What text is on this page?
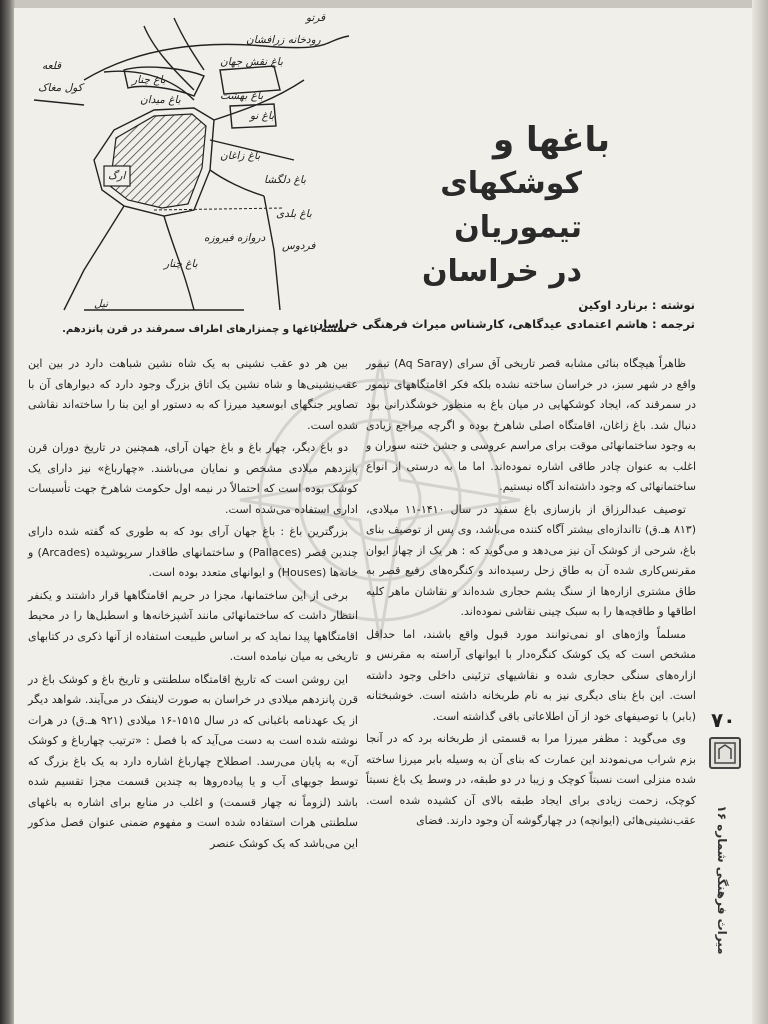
رودخانه زرافشان
قرتو
باغ نقش جهان
باغ چنار
باغ میدان
باغ نو
کول مغاک
باغ بهشت
قلعه
باغ دلگشا
ارگ
باغ زاغان
باغ بلدی
دروازه فیروزه
باغ چنار
فردوس
نیل
نقشه باغها و چمنزارهای اطراف سمرقند در قرن پانزدهم.
باغها و
کوشکهای تیموریان
در خراسان
نوشته : برنارد اوکین
ترجمه : هاشم اعتمادی عیدگاهی، کارشناس میراث فرهنگی خراسان

ظاهراً هیچگاه بنائی مشابه قصر تاریخی آق سرای (Aq Saray) تیمور واقع در شهر سبز، در خراسان ساخته نشده بلکه فکر اقامتگاههای تیمور در سمرقند که، ایجاد کوشکهایی در میان باغ به منظور خوشگذرانی بود دنبال شد. باغ زاغان، اقامتگاه اصلی شاهرخ بوده و اگرچه مراجع زیادی به وجود ساختمانهائی موقت برای مراسم عروسی و جشن ختنه سوران و اغلب به عنوان چادر طاقی اشاره نموده‌اند. اما ما به درستی از انواع ساختمانهائی که وجود داشته‌اند آگاه نیستیم.

توصیف عبدالرزاق از بازسازی باغ سفید در سال ۱۴۱۰-۱۱ میلادی، (۸۱۳ هـ.ق) تااندازه‌ای بیشتر آگاه کننده می‌باشد، وی پس از توصیف بنای باغ، شرحی از کوشک آن نیز می‌دهد و می‌گوید که : هر یک از چهار ایوان مقرنس‌کاری شده آن به طاق زحل رسیده‌اند و کنگره‌های رفیع قصر به طاق مشتری ازاره‌ها از سنگ یشم حجاری شده‌اند و نقاشان ماهر کلیه اطاقها و طاقچه‌ها را به سبک چینی نقاشی نموده‌اند.

مسلماً واژه‌های او نمی‌توانند مورد قبول واقع باشند، اما حداقل مشخص است که یک کوشک کنگره‌دار با ایوانهای آراسته به مقرنس و ازاره‌های سنگی حجاری شده و نقاشیهای تزئینی داخلی وجود داشته است. این باغ بنای دیگری نیز به نام طربخانه داشته است. خوشبختانه (بابر) با توصیفهای خود از آن اطلاعاتی باقی گذاشته است.

وی می‌گوید : مظفر میرزا مرا به قسمتی از طربخانه برد که در آنجا بزم شراب می‌نمودند این عمارت که بنای آن به وسیله بابر میرزا ساخته شده منزلی است نسبتاً کوچک و زیبا در دو طبقه، در وسط یک باغ نسبتاً کوچک، زحمت زیادی برای ایجاد طبقه بالای آن کشیده شده است. عقب‌نشینی‌هائی (ایوانچه) در چهارگوشه آن وجود دارند. فضای

بین هر دو عقب نشینی به یک شاه نشین شباهت دارد در بین این عقب‌نشینی‌ها و شاه نشین یک اتاق بزرگ وجود دارد که دیوارهای آن با تصاویر جنگهای ابوسعید میرزا که به دستور او این بنا را ساخته‌اند نقاشی شده است.

دو باغ دیگر، چهار باغ و باغ جهان آرای، همچنین در تاریخ دوران قرن پانزدهم میلادی مشخص و نمایان می‌باشند. «چهارباغ» نیز دارای یک کوشک بوده است که احتمالاً در نیمه اول حکومت شاهرخ جهت تأسیسات اداری استفاده می‌شده است.

بزرگترین باغ : باغ جهان آرای بود که به طوری که گفته شده دارای چندین قصر (Pallaces) و ساختمانهای طاقدار سرپوشیده (Arcades) و خانه‌ها (Houses) و ایوانهای متعدد بوده است.

برخی از این ساختمانها، مجزا در حریم اقامتگاهها قرار داشتند و یکنفر انتظار داشت که ساختمانهائی مانند آشپزخانه‌ها و اسطبل‌ها را در محیط اقامتگاهها پیدا نماید که بر اساس طبیعت استفاده از آنها ذکری در کتابهای تاریخی به میان نیامده است.

این روشن است که تاریخ اقامتگاه سلطنتی و تاریخ باغ و کوشک باغ در قرن پانزدهم میلادی در خراسان به صورت لاینفک در می‌آیند. شواهد دیگر از یک عهدنامه باغبانی که در سال ۱۵۱۵-۱۶ میلادی (۹۲۱ هـ.ق) در هرات نوشته شده است به دست می‌آید که با فصل : «ترتیب چهارباغ و کوشک آن» به پایان می‌رسد. اصطلاح چهارباغ اشاره دارد به یک باغ بزرگ که توسط جویهای آب و یا پیاده‌روها به چندین قسمت مجزا تقسیم شده باشد (لزوماً نه چهار قسمت) و اغلب در منابع برای اشاره به باغهای سلطنتی هرات استفاده شده است و مفهوم ضمنی عنوان فصل مذکور این می‌باشد که یک کوشک عنصر

۷۰
میراث فرهنگی شماره ۱۶
